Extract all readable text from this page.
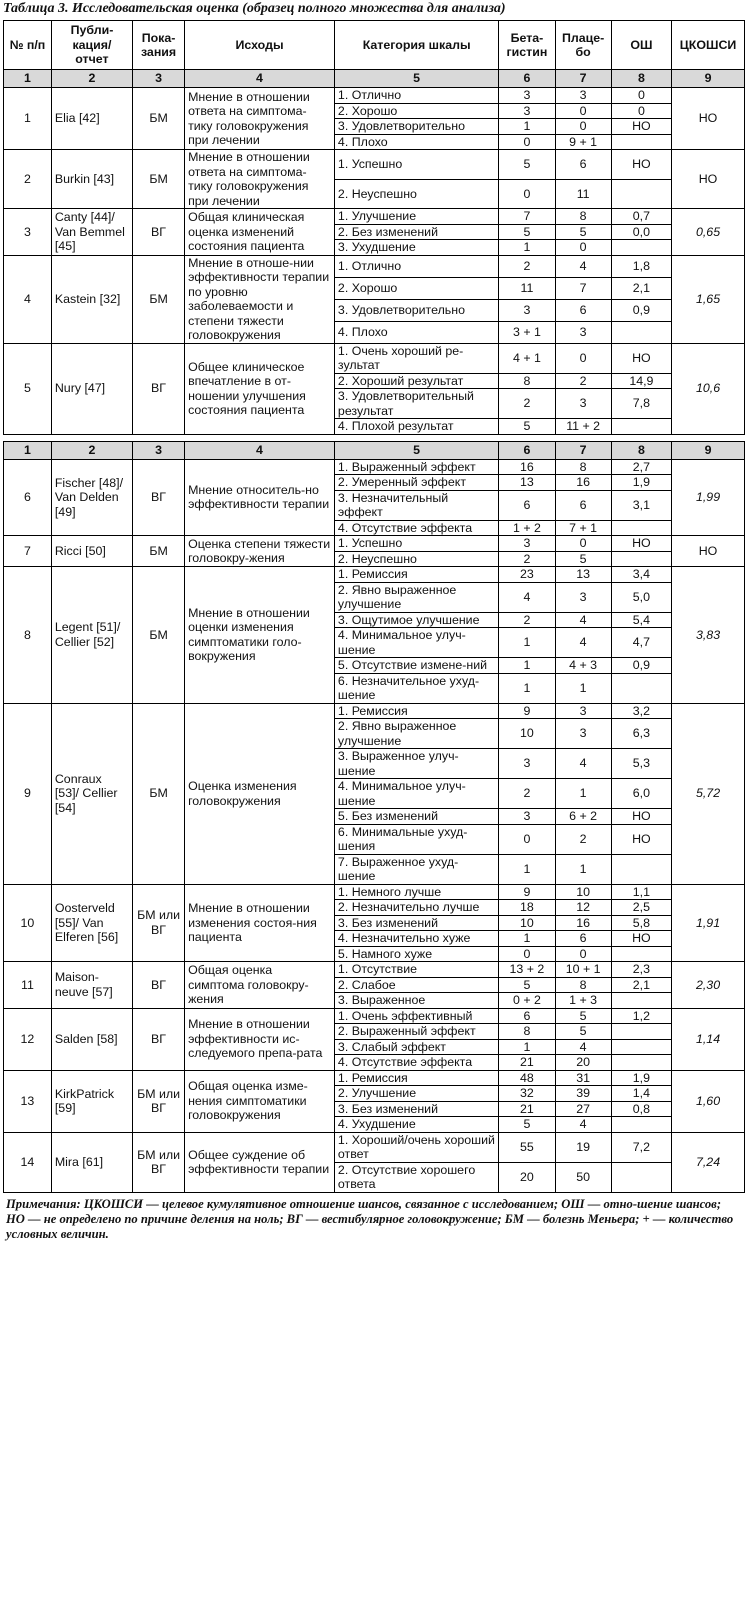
Таблица 3. Исследовательская оценка (образец полного множества для анализа)
№ п/п	Публи-кация/ отчет	Пока-зания	Исходы	Категория шкалы	Бета-гистин	Плаце-бо	ОШ	ЦКОШСИ
1	2	3	4	5	6	7	8	9
1	Elia [42]	БМ	Мнение в отношении ответа на симптома-тику головокружения при лечении	1. Отлично	3	3	0	НО
				2. Хорошо	3	0	0	
				3. Удовлетворительно	1	0	НО	
				4. Плохо	0	9 + 1		
2	Burkin [43]	БМ	Мнение в отношении ответа на симптома-тику головокружения при лечении	1. Успешно	5	6	НО	НО
				2. Неуспешно	0	11		
3	Canty [44]/ Van Bemmel [45]	ВГ	Общая клиническая оценка изменений состояния пациента	1. Улучшение	7	8	0,7	0,65
				2. Без изменений	5	5	0,0	
				3. Ухудшение	1	0		
4	Kastein [32]	БМ	Мнение в отноше-нии эффективности терапии по уровню заболеваемости и степени тяжести головокружения	1. Отлично	2	4	1,8	1,65
				2. Хорошо	11	7	2,1	
				3. Удовлетворительно	3	6	0,9	
				4. Плохо	3 + 1	3		
5	Nury [47]	ВГ	Общее клиническое впечатление в от-ношении улучшения состояния пациента	1. Очень хороший ре-зультат	4 + 1	0	НО	10,6
				2. Хороший результат	8	2	14,9	
				3. Удовлетворительный результат	2	3	7,8	
				4. Плохой результат	5	11 + 2		

1	2	3	4	5	6	7	8	9
6	Fischer [48]/ Van Delden [49]	ВГ	Мнение относитель-но эффективности терапии	1. Выраженный эффект	16	8	2,7	1,99
				2. Умеренный эффект	13	16	1,9	
				3. Незначительный эффект	6	6	3,1	
				4. Отсутствие эффекта	1 + 2	7 + 1		
7	Ricci [50]	БМ	Оценка степени тяжести головокру-жения	1. Успешно	3	0	НО	НО
				2. Неуспешно	2	5		
8	Legent [51]/ Cellier [52]	БМ	Мнение в отношении оценки изменения симптоматики голо-вокружения	1. Ремиссия	23	13	3,4	3,83
				2. Явно выраженное улучшение	4	3	5,0	
				3. Ощутимое улучшение	2	4	5,4	
				4. Минимальное улуч-шение	1	4	4,7	
				5. Отсутствие измене-ний	1	4 + 3	0,9	
				6. Незначительное ухуд-шение	1	1		
9	Conraux [53]/ Cellier [54]	БМ	Оценка изменения головокружения	1. Ремиссия	9	3	3,2	5,72
				2. Явно выраженное улучшение	10	3	6,3	
				3. Выраженное улуч-шение	3	4	5,3	
				4. Минимальное улуч-шение	2	1	6,0	
				5. Без изменений	3	6 + 2	НО	
				6. Минимальные ухуд-шения	0	2	НО	
				7. Выраженное ухуд-шение	1	1		
10	Oosterveld [55]/ Van Elferen [56]	БМ или ВГ	Мнение в отношении изменения состоя-ния пациента	1. Немного лучше	9	10	1,1	1,91
				2. Незначительно лучше	18	12	2,5	
				3. Без изменений	10	16	5,8	
				4. Незначительно хуже	1	6	НО	
				5. Намного хуже	0	0		
11	Maison-neuve [57]	ВГ	Общая оценка симптома головокру-жения	1. Отсутствие	13 + 2	10 + 1	2,3	2,30
				2. Слабое	5	8	2,1	
				3. Выраженное	0 + 2	1 + 3		
12	Salden [58]	ВГ	Мнение в отношении эффективности ис-следуемого препа-рата	1. Очень эффективный	6	5	1,2	1,14
				2. Выраженный эффект	8	5		
				3. Слабый эффект	1	4		
				4. Отсутствие эффекта	21	20		
13	KirkPatrick [59]	БМ или ВГ	Общая оценка изме-нения симптоматики головокружения	1. Ремиссия	48	31	1,9	1,60
				2. Улучшение	32	39	1,4	
				3. Без изменений	21	27	0,8	
				4. Ухудшение	5	4		
14	Mira [61]	БМ или ВГ	Общее суждение об эффективности терапии	1. Хороший/очень хороший ответ	55	19	7,2	7,24
				2. Отсутствие хорошего ответа	20	50		
Примечания: ЦКОШСИ — целевое кумулятивное отношение шансов, связанное с исследованием; ОШ — отно-шение шансов; НО — не определено по причине деления на ноль; ВГ — вестибулярное головокружение; БМ — болезнь Меньера; + — количество условных величин.
